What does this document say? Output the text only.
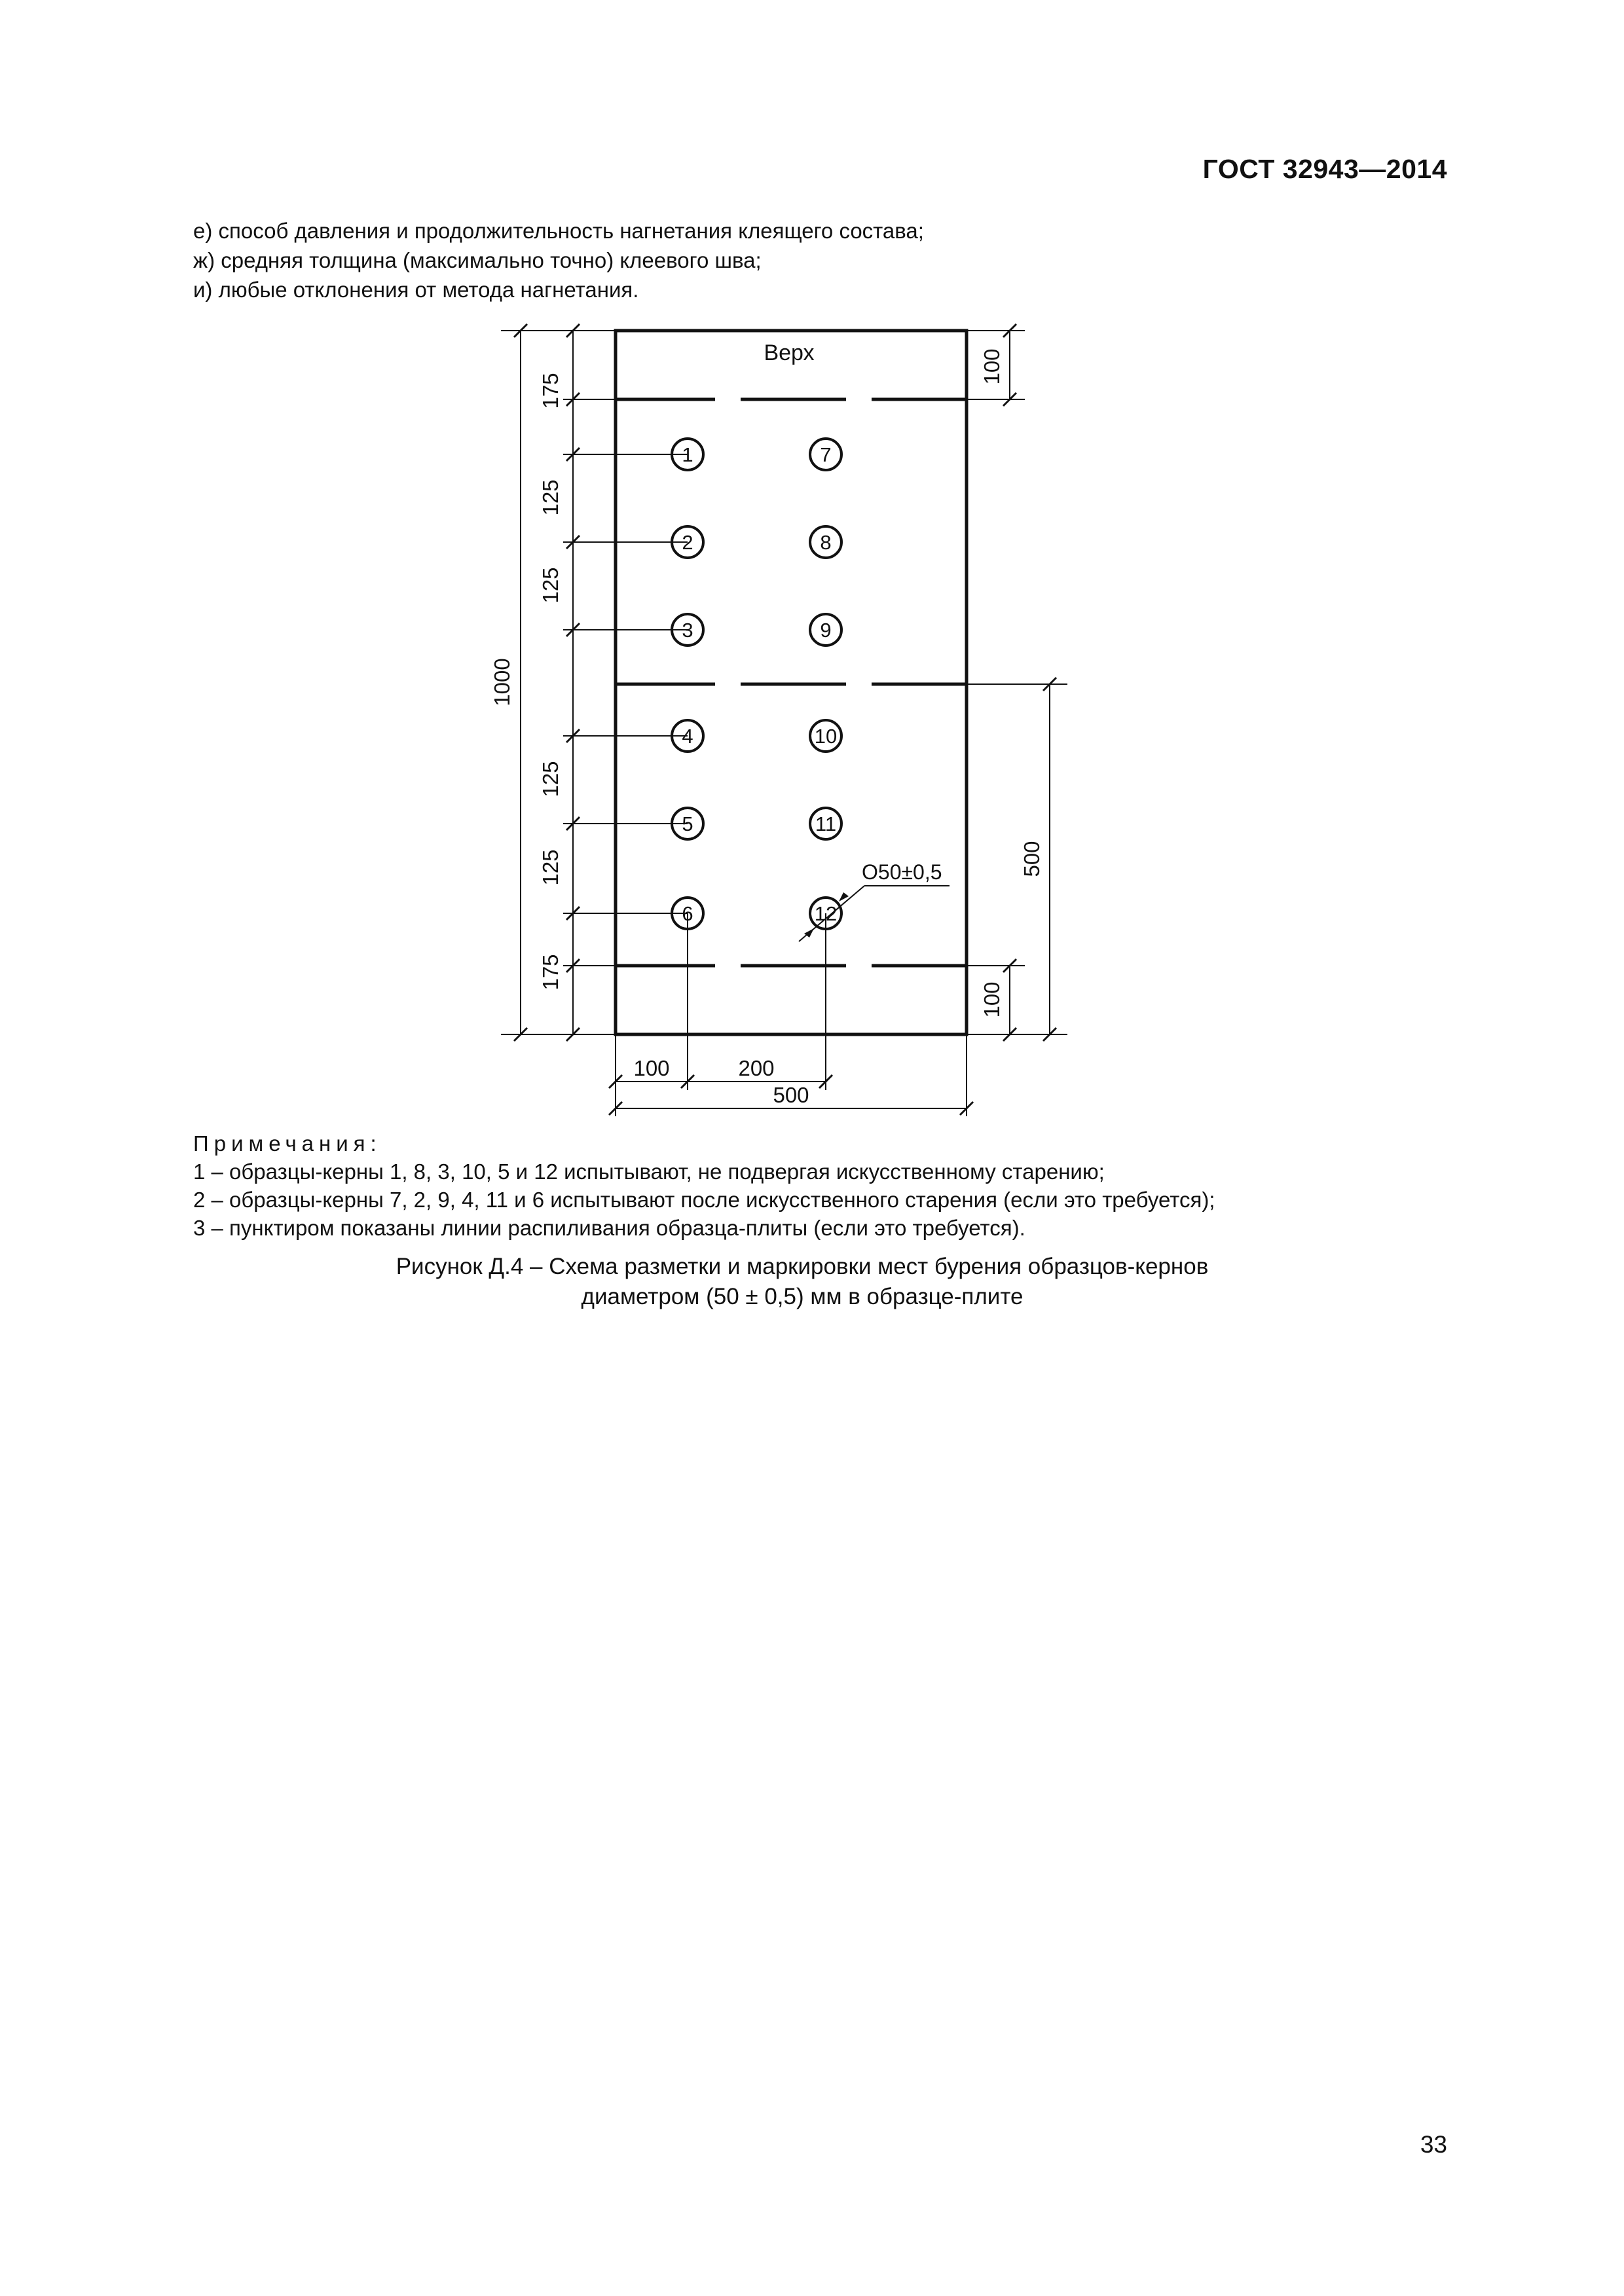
ГОСТ 32943—2014
е) способ давления и продолжительность нагнетания клеящего состава;
ж) средняя толщина (максимально точно) клеевого шва;
и) любые отклонения от метода нагнетания.
Верх
1
2
3
4
5
6
7
8
9
10
11
12
175
125
125
125
125
175
1000
100
100
500
100	200
500
О50±0,5
Примечания:
1 – образцы-керны 1, 8, 3, 10, 5 и 12 испытывают, не подвергая искусственному старению;
2 – образцы-керны 7, 2, 9, 4, 11 и 6 испытывают после искусственного старения (если это требуется);
3 – пунктиром показаны линии распиливания образца-плиты (если это требуется).
Рисунок Д.4 – Схема разметки и маркировки мест бурения образцов-кернов
диаметром (50 ± 0,5) мм в образце-плите
33
